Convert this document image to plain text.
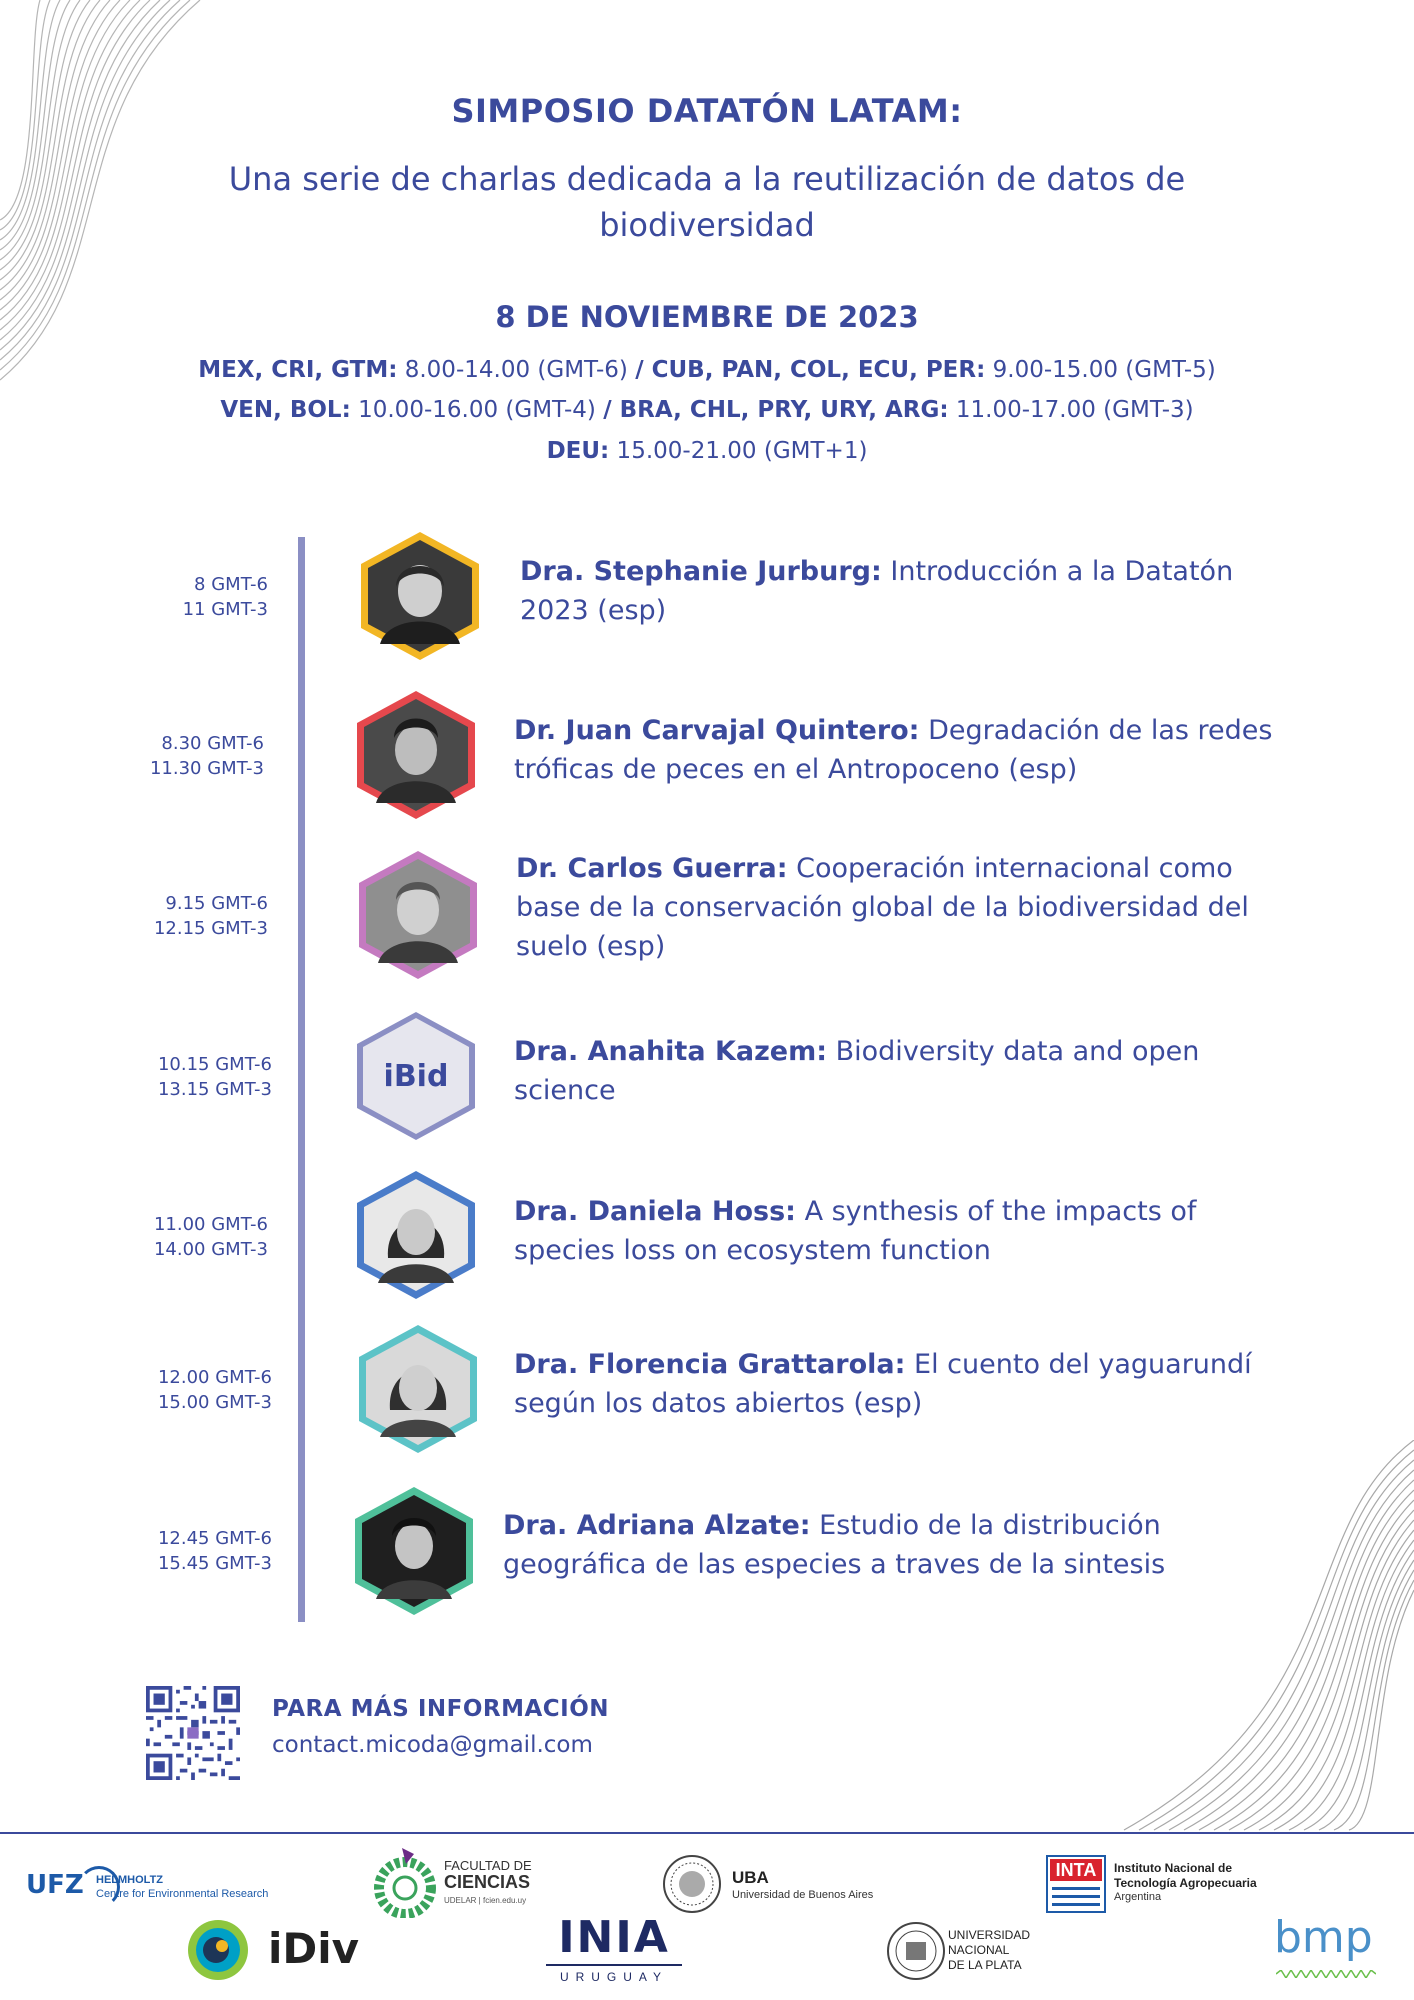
SIMPOSIO DATATÓN LATAM:
Una serie de charlas dedicada a la reutilización de datos de biodiversidad
8 DE NOVIEMBRE DE 2023
MEX, CRI, GTM: 8.00-14.00 (GMT-6) / CUB, PAN, COL, ECU, PER: 9.00-15.00 (GMT-5)
VEN, BOL: 10.00-16.00 (GMT-4) / BRA, CHL, PRY, URY, ARG: 11.00-17.00 (GMT-3)
DEU: 15.00-21.00 (GMT+1)
8 GMT-6
11 GMT-3
Dra. Stephanie Jurburg: Introducción a la Datatón 2023 (esp)
8.30 GMT-6
11.30 GMT-3
Dr. Juan Carvajal Quintero: Degradación de las redes tróficas de peces en el Antropoceno (esp)
9.15 GMT-6
12.15 GMT-3
Dr. Carlos Guerra: Cooperación internacional como base de la conservación global de la biodiversidad del suelo (esp)
10.15 GMT-6
13.15 GMT-3	iBid
Dra. Anahita Kazem: Biodiversity data and open science
11.00 GMT-6
14.00 GMT-3
Dra. Daniela Hoss: A synthesis of the impacts of species loss on ecosystem function
12.00 GMT-6
15.00 GMT-3
Dra. Florencia Grattarola: El cuento del yaguarundí según los datos abiertos (esp)
12.45 GMT-6
15.45 GMT-3
Dra. Adriana Alzate: Estudio de la distribución geográfica de las especies a traves de la sintesis
PARA MÁS INFORMACIÓN
contact.micoda@gmail.com
UFZ HELMHOLTZ
Centre for Environmental Research
FACULTAD DE
CIENCIAS
UDELAR | fcien.edu.uy
UBA
Universidad de Buenos Aires
INTA	Instituto Nacional de
Tecnología Agropecuaria
Argentina
iDiv	INIA
URUGUAY
UNIVERSIDAD
NACIONAL
DE LA PLATA
bmp
